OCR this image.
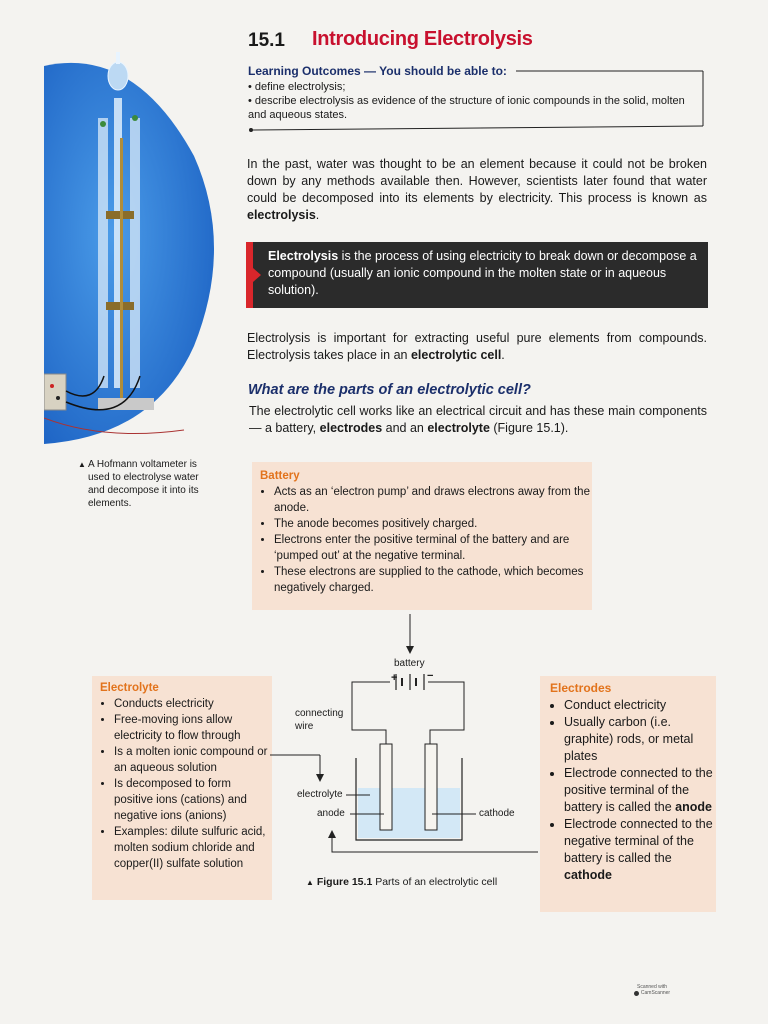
15.1 Introducing Electrolysis
Learning Outcomes — You should be able to:
• define electrolysis;
• describe electrolysis as evidence of the structure of ionic compounds in the solid, molten and aqueous states.
In the past, water was thought to be an element because it could not be broken down by any methods available then. However, scientists later found that water could be decomposed into its elements by electricity. This process is known as electrolysis.
Electrolysis is the process of using electricity to break down or decompose a compound (usually an ionic compound in the molten state or in aqueous solution).
Electrolysis is important for extracting useful pure elements from compounds. Electrolysis takes place in an electrolytic cell.
What are the parts of an electrolytic cell?
The electrolytic cell works like an electrical circuit and has these main components — a battery, electrodes and an electrolyte (Figure 15.1).
▲ A Hofmann voltameter is used to electrolyse water and decompose it into its elements.
Battery
• Acts as an ‘electron pump’ and draws electrons away from the anode.
• The anode becomes positively charged.
• Electrons enter the positive terminal of the battery and are ‘pumped out’ at the negative terminal.
• These electrons are supplied to the cathode, which becomes negatively charged.
Electrolyte
• Conducts electricity
• Free-moving ions allow electricity to flow through
• Is a molten ionic compound or an aqueous solution
• Is decomposed to form positive ions (cations) and negative ions (anions)
• Examples: dilute sulfuric acid, molten sodium chloride and copper(II) sulfate solution
Electrodes
• Conduct electricity
• Usually carbon (i.e. graphite) rods, or metal plates
• Electrode connected to the positive terminal of the battery is called the anode
• Electrode connected to the negative terminal of the battery is called the cathode
battery
+	−
connecting wire
electrolyte
anode	cathode
▲ Figure 15.1 Parts of an electrolytic cell
Scanned with
CamScanner
